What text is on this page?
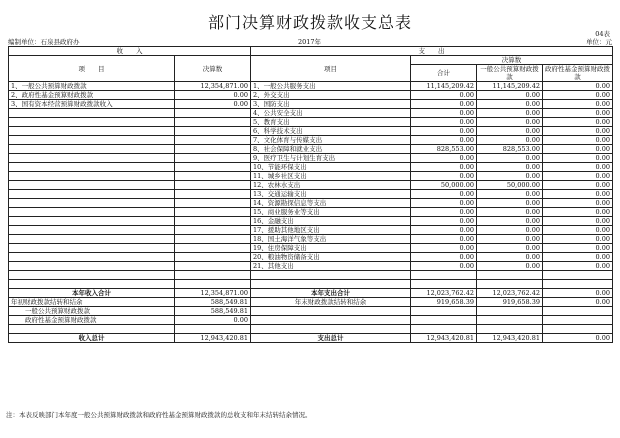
部门决算财政拨款收支总表
04表
编制单位：石泉县政府办	2017年	单位：元
收　　入		支　　出			
项　　目	决算数	项目	决算数		
			合计	一般公共预算财政拨款	政府性基金预算财政拨款

1、一般公共预算财政拨款	12,354,871.00	1、一般公共服务支出	11,145,209.42	11,145,209.42	0.00
2、政府性基金预算财政拨款	0.00	2、外交支出	0.00	0.00	0.00
3、国有资本经营预算财政拨款收入	0.00	3、国防支出	0.00	0.00	0.00
		4、公共安全支出	0.00	0.00	0.00
		5、教育支出	0.00	0.00	0.00
		6、科学技术支出	0.00	0.00	0.00
		7、文化体育与传媒支出	0.00	0.00	0.00
		8、社会保障和就业支出	828,553.00	828,553.00	0.00
		9、医疗卫生与计划生育支出	0.00	0.00	0.00
		10、节能环保支出	0.00	0.00	0.00
		11、城乡社区支出	0.00	0.00	0.00
		12、农林水支出	50,000.00	50,000.00	0.00
		13、交通运输支出	0.00	0.00	0.00
		14、资源勘探信息等支出	0.00	0.00	0.00
		15、商业服务业等支出	0.00	0.00	0.00
		16、金融支出	0.00	0.00	0.00
		17、援助其他地区支出	0.00	0.00	0.00
		18、国土海洋气象等支出	0.00	0.00	0.00
		19、住房保障支出	0.00	0.00	0.00
		20、粮油物资储备支出	0.00	0.00	0.00
		21、其他支出	0.00	0.00	0.00

本年收入合计	12,354,871.00	本年支出合计	12,023,762.42	12,023,762.42	0.00
年初财政拨款结转和结余	588,549.81	年末财政拨款结转和结余	919,658.39	919,658.39	0.00
一般公共预算财政拨款	588,549.81				
政府性基金预算财政拨款	0.00				

收入总计	12,943,420.81	支出总计	12,943,420.81	12,943,420.81	0.00
注：本表反映部门本年度一般公共预算财政拨款和政府性基金预算财政拨款的总收支和年末结转结余情况。
